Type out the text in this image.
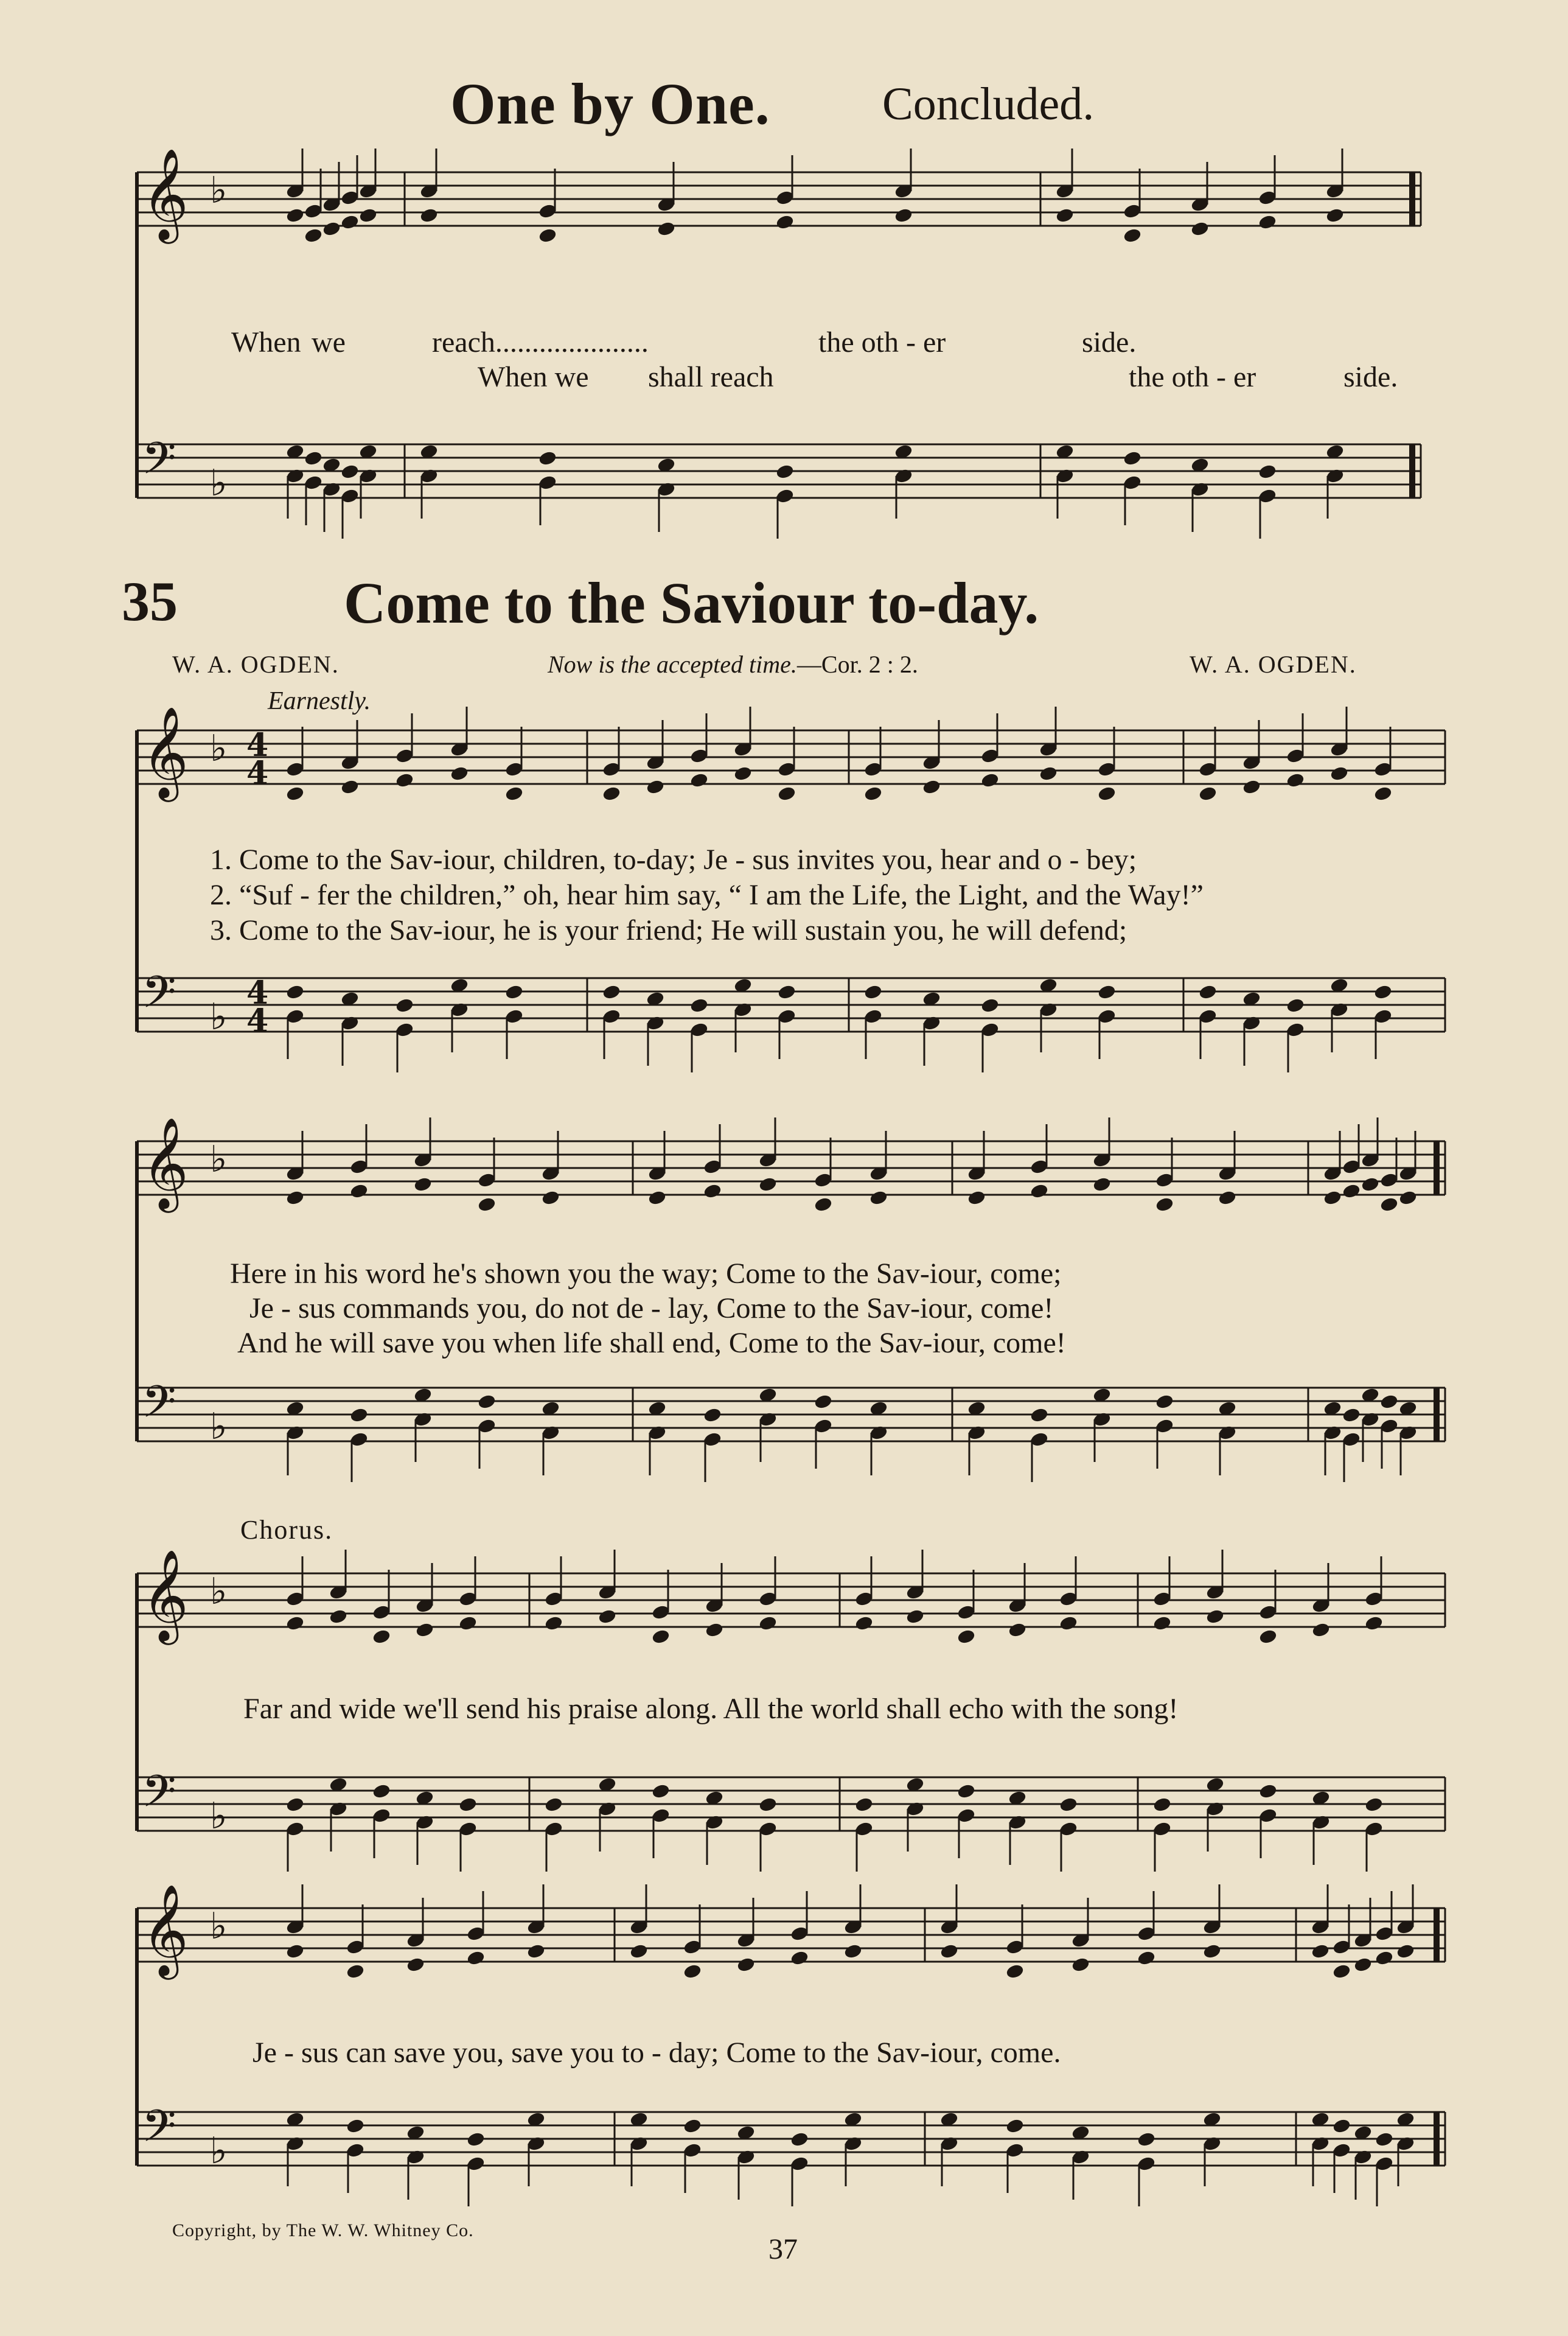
𝄞 ♭
𝄢 ♭
𝄞 ♭
𝄢 ♭
𝄞 ♭
𝄢 ♭
𝄞 ♭
𝄢 ♭
𝄞 ♭
𝄢 ♭
4
4
4
4
One by One. Concluded.
When we	reach.....................	the oth - er	side.
When we shall reach	the oth - er	side.
35	Come to the Saviour to-day.
W. A. OGDEN.	Now is the accepted time.—Cor. 2 : 2.	W. A. OGDEN.
Earnestly.
1. Come to the Sav-iour, children, to-day; Je - sus invites you, hear and o - bey;
2. “Suf - fer the children,” oh, hear him say, “ I am the Life, the Light, and the Way!”
3. Come to the Sav-iour, he is your friend; He will sustain you, he will defend;
Here in his word he's shown you the way; Come to the Sav-iour, come;
Je - sus commands you, do not de - lay, Come to the Sav-iour, come!
And he will save you when life shall end, Come to the Sav-iour, come!
Chorus.
Far and wide we'll send his praise along. All the world shall echo with the song!
Je - sus can save you, save you to - day; Come to the Sav-iour, come.
Copyright, by The W. W. Whitney Co.
37
